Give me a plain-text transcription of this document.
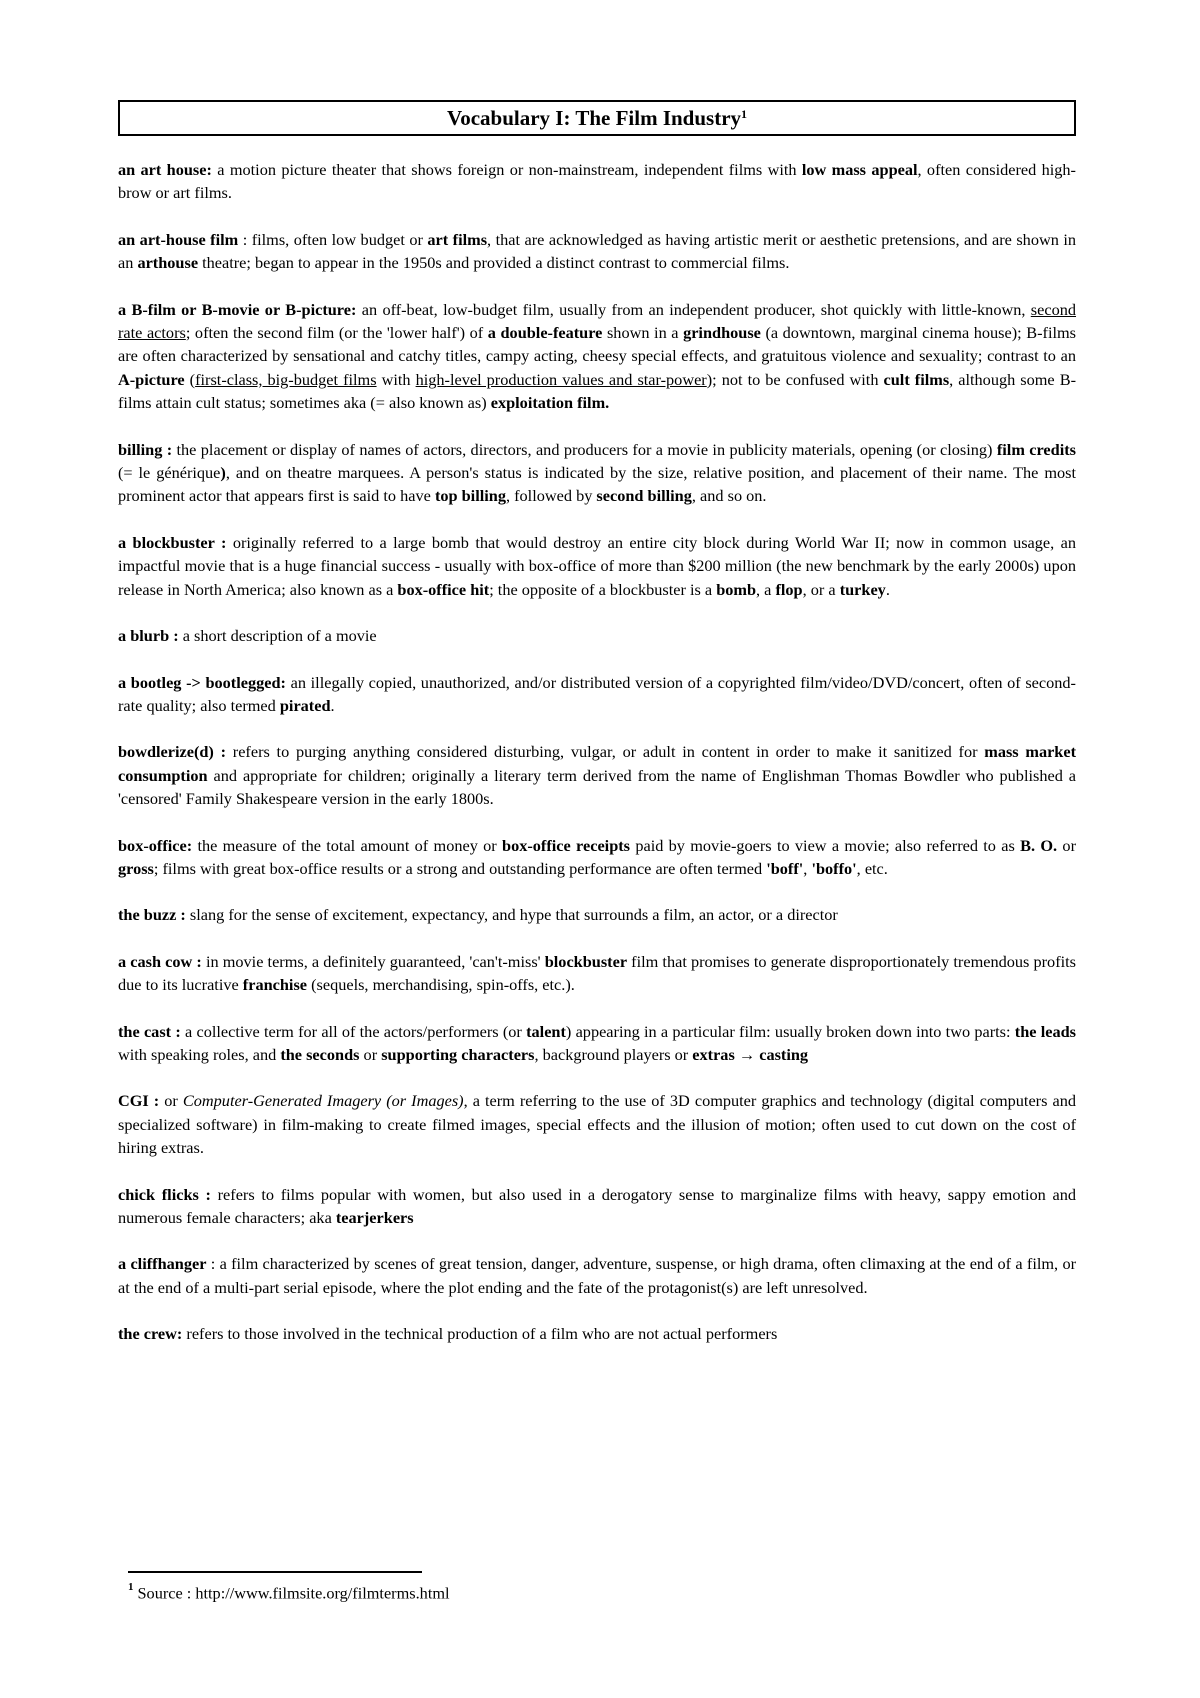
Vocabulary I: The Film Industry$^1$

an art house: a motion picture theater that shows foreign or non-mainstream, independent films with low mass appeal, often considered high-brow or art films.

an art-house film : films, often low budget or art films, that are acknowledged as having artistic merit or aesthetic pretensions, and are shown in an arthouse theatre; began to appear in the 1950s and provided a distinct contrast to commercial films.

a B-film or B-movie or B-picture: an off-beat, low-budget film, usually from an independent producer, shot quickly with little-known, second rate actors; often the second film (or the 'lower half') of a double-feature shown in a grindhouse (a downtown, marginal cinema house); B-films are often characterized by sensational and catchy titles, campy acting, cheesy special effects, and gratuitous violence and sexuality; contrast to an A-picture (first-class, big-budget films with high-level production values and star-power); not to be confused with cult films, although some B-films attain cult status; sometimes aka (= also known as) exploitation film.

billing : the placement or display of names of actors, directors, and producers for a movie in publicity materials, opening (or closing) film credits (= le générique), and on theatre marquees. A person's status is indicated by the size, relative position, and placement of their name. The most prominent actor that appears first is said to have top billing, followed by second billing, and so on.

a blockbuster : originally referred to a large bomb that would destroy an entire city block during World War II; now in common usage, an impactful movie that is a huge financial success - usually with box-office of more than $200 million (the new benchmark by the early 2000s) upon release in North America; also known as a box-office hit; the opposite of a blockbuster is a bomb, a flop, or a turkey.

a blurb : a short description of a movie

a bootleg -> bootlegged: an illegally copied, unauthorized, and/or distributed version of a copyrighted film/video/DVD/concert, often of second-rate quality; also termed pirated.

bowdlerize(d) : refers to purging anything considered disturbing, vulgar, or adult in content in order to make it sanitized for mass market consumption and appropriate for children; originally a literary term derived from the name of Englishman Thomas Bowdler who published a 'censored' Family Shakespeare version in the early 1800s.

box-office: the measure of the total amount of money or box-office receipts paid by movie-goers to view a movie; also referred to as B. O. or gross; films with great box-office results or a strong and outstanding performance are often termed 'boff', 'boffo', etc.

the buzz : slang for the sense of excitement, expectancy, and hype that surrounds a film, an actor, or a director

a cash cow : in movie terms, a definitely guaranteed, 'can't-miss' blockbuster film that promises to generate disproportionately tremendous profits due to its lucrative franchise (sequels, merchandising, spin-offs, etc.).

the cast : a collective term for all of the actors/performers (or talent) appearing in a particular film: usually broken down into two parts: the leads with speaking roles, and the seconds or supporting characters, background players or extras → casting

CGI : or Computer-Generated Imagery (or Images), a term referring to the use of 3D computer graphics and technology (digital computers and specialized software) in film-making to create filmed images, special effects and the illusion of motion; often used to cut down on the cost of hiring extras.

chick flicks : refers to films popular with women, but also used in a derogatory sense to marginalize films with heavy, sappy emotion and numerous female characters; aka tearjerkers

a cliffhanger : a film characterized by scenes of great tension, danger, adventure, suspense, or high drama, often climaxing at the end of a film, or at the end of a multi-part serial episode, where the plot ending and the fate of the protagonist(s) are left unresolved.

the crew: refers to those involved in the technical production of a film who are not actual performers

$^1$ Source : http://www.filmsite.org/filmterms.html
